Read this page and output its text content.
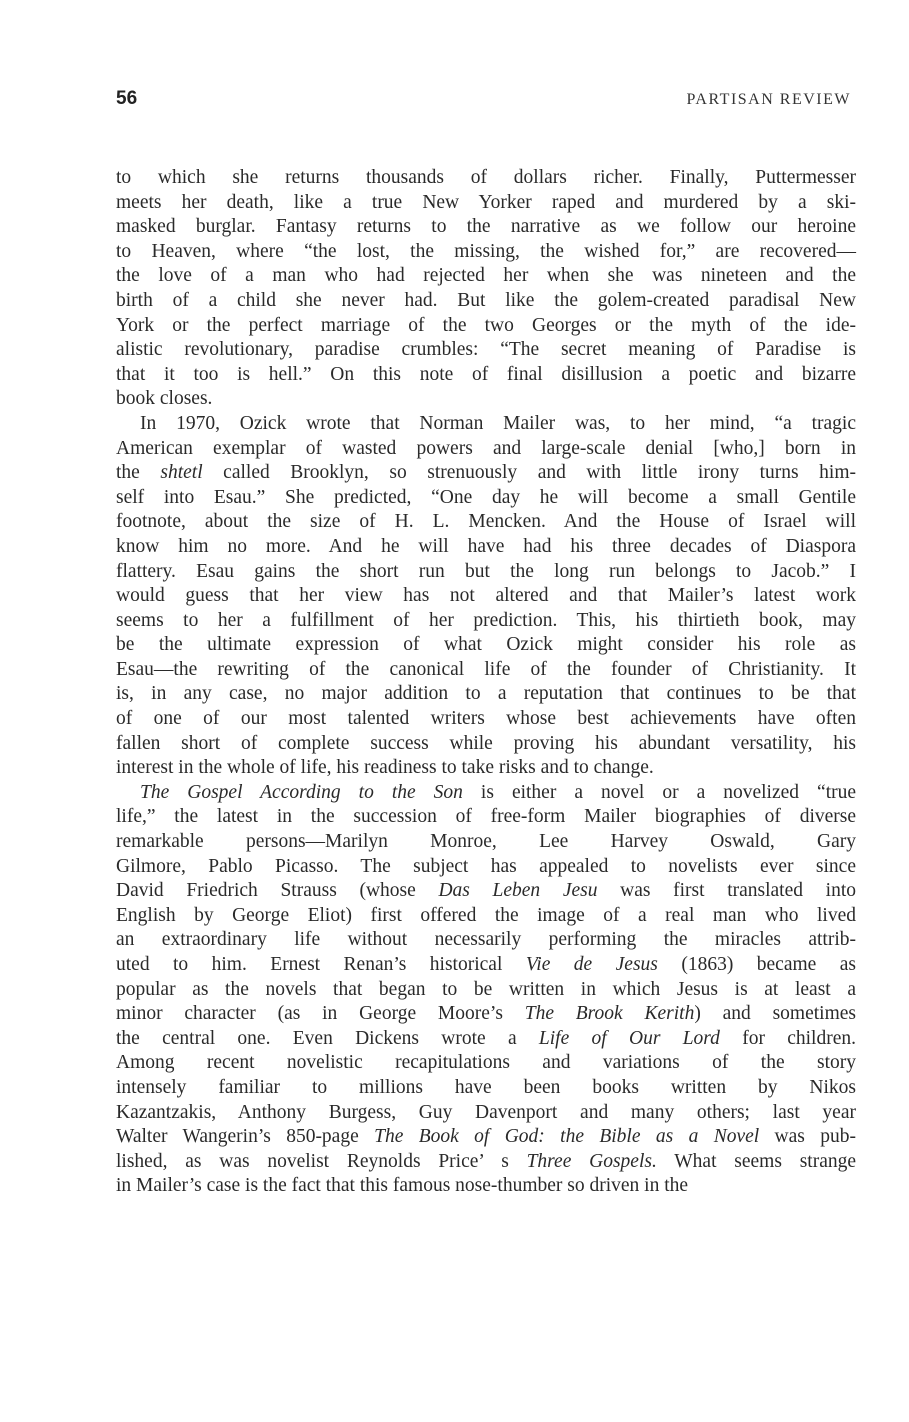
56	PARTISAN REVIEW
to which she returns thousands of dollars richer. Finally, Puttermesser
meets her death, like a true New Yorker raped and murdered by a ski-
masked burglar. Fantasy returns to the narrative as we follow our heroine
to Heaven, where “the lost, the missing, the wished for,” are recovered—
the love of a man who had rejected her when she was nineteen and the
birth of a child she never had. But like the golem-created paradisal New
York or the perfect marriage of the two Georges or the myth of the ide-
alistic revolutionary, paradise crumbles: “The secret meaning of Paradise is
that it too is hell.” On this note of final disillusion a poetic and bizarre
book closes.
In 1970, Ozick wrote that Norman Mailer was, to her mind, “a tragic
American exemplar of wasted powers and large-scale denial [who,] born in
the shtetl called Brooklyn, so strenuously and with little irony turns him-
self into Esau.” She predicted, “One day he will become a small Gentile
footnote, about the size of H. L. Mencken. And the House of Israel will
know him no more. And he will have had his three decades of Diaspora
flattery. Esau gains the short run but the long run belongs to Jacob.” I
would guess that her view has not altered and that Mailer’s latest work
seems to her a fulfillment of her prediction. This, his thirtieth book, may
be the ultimate expression of what Ozick might consider his role as
Esau—the rewriting of the canonical life of the founder of Christianity. It
is, in any case, no major addition to a reputation that continues to be that
of one of our most talented writers whose best achievements have often
fallen short of complete success while proving his abundant versatility, his
interest in the whole of life, his readiness to take risks and to change.
The Gospel According to the Son is either a novel or a novelized “true
life,” the latest in the succession of free-form Mailer biographies of diverse
remarkable persons—Marilyn Monroe, Lee Harvey Oswald, Gary
Gilmore, Pablo Picasso. The subject has appealed to novelists ever since
David Friedrich Strauss (whose Das Leben Jesu was first translated into
English by George Eliot) first offered the image of a real man who lived
an extraordinary life without necessarily performing the miracles attrib-
uted to him. Ernest Renan’s historical Vie de Jesus (1863) became as
popular as the novels that began to be written in which Jesus is at least a
minor character (as in George Moore’s The Brook Kerith) and sometimes
the central one. Even Dickens wrote a Life of Our Lord for children.
Among recent novelistic recapitulations and variations of the story
intensely familiar to millions have been books written by Nikos
Kazantzakis, Anthony Burgess, Guy Davenport and many others; last year
Walter Wangerin’s 850-page The Book of God: the Bible as a Novel was pub-
lished, as was novelist Reynolds Price’ s Three Gospels. What seems strange
in Mailer’s case is the fact that this famous nose-thumber so driven in the
